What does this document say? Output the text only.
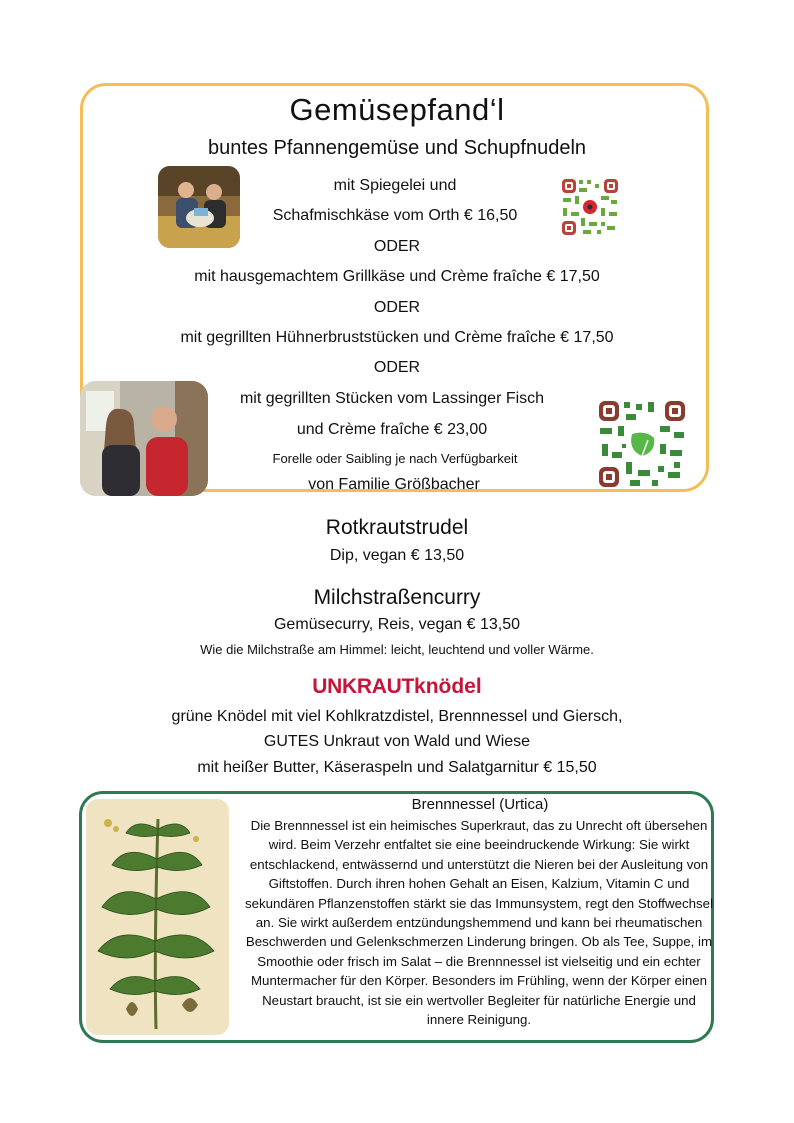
Gemüsepfand‘l
buntes Pfannengemüse und Schupfnudeln
mit Spiegelei und
Schafmischkäse vom Orth € 16,50
ODER
mit hausgemachtem Grillkäse und Crème fraîche € 17,50
ODER
mit gegrillten Hühnerbruststücken und Crème fraîche € 17,50
ODER
mit gegrillten Stücken vom Lassinger Fisch
und Crème fraîche € 23,00
Forelle oder Saibling je nach Verfügbarkeit
von Familie Größbacher
Rotkrautstrudel
Dip, vegan € 13,50
Milchstraßencurry
Gemüsecurry, Reis, vegan € 13,50
Wie die Milchstraße am Himmel: leicht, leuchtend und voller Wärme.
UNKRAUTknödel
grüne Knödel mit viel Kohlkratzdistel, Brennnessel und Giersch,
GUTES Unkraut von Wald und Wiese
mit heißer Butter, Käseraspeln und Salatgarnitur € 15,50
Brennnessel (Urtica)
Die Brennnessel ist ein heimisches Superkraut, das zu Unrecht oft übersehen wird. Beim Verzehr entfaltet sie eine beeindruckende Wirkung: Sie wirkt entschlackend, entwässernd und unterstützt die Nieren bei der Ausleitung von Giftstoffen. Durch ihren hohen Gehalt an Eisen, Kalzium, Vitamin C und sekundären Pflanzenstoffen stärkt sie das Immunsystem, regt den Stoffwechsel an. Sie wirkt außerdem entzündungshemmend und kann bei rheumatischen Beschwerden und Gelenkschmerzen Linderung bringen. Ob als Tee, Suppe, im Smoothie oder frisch im Salat – die Brennnessel ist vielseitig und ein echter Muntermacher für den Körper. Besonders im Frühling, wenn der Körper einen Neustart braucht, ist sie ein wertvoller Begleiter für natürliche Energie und innere Reinigung.
